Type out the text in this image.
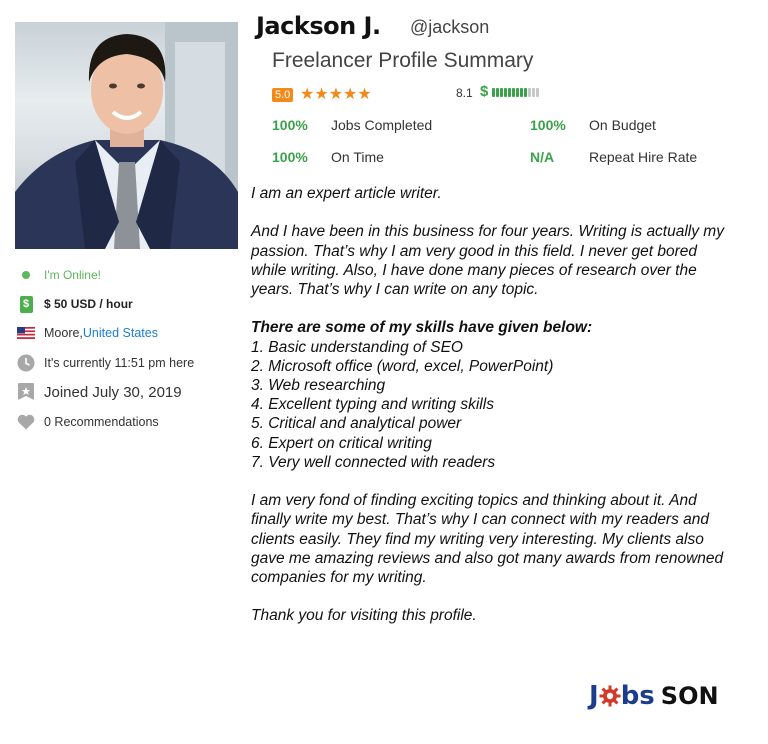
I'm Online!
$ $ 50 USD / hour
Moore, United States
It's currently 11:51 pm here
Joined July 30, 2019
0 Recommendations
Jackson J. @jackson
Freelancer Profile Summary
5.0 ★★★★★	8.1 $
100% Jobs Completed	100% On Budget
100% On Time	N/A Repeat Hire Rate

I am an expert article writer.

And I have been in this business for four years. Writing is actually my

passion. That’s why I am very good in this field. I never get bored

while writing. Also, I have done many pieces of research over the

years. That’s why I can write on any topic.

There are some of my skills have given below:

1. Basic understanding of SEO

2. Microsoft office (word, excel, PowerPoint)

3. Web researching

4. Excellent typing and writing skills

5. Critical and analytical power

6. Expert on critical writing

7. Very well connected with readers

I am very fond of finding exciting topics and thinking about it. And

finally write my best. That’s why I can connect with my readers and

clients easily. They find my writing very interesting. My clients also

gave me amazing reviews and also got many awards from renowned

companies for my writing.

Thank you for visiting this profile.

J bs SON
